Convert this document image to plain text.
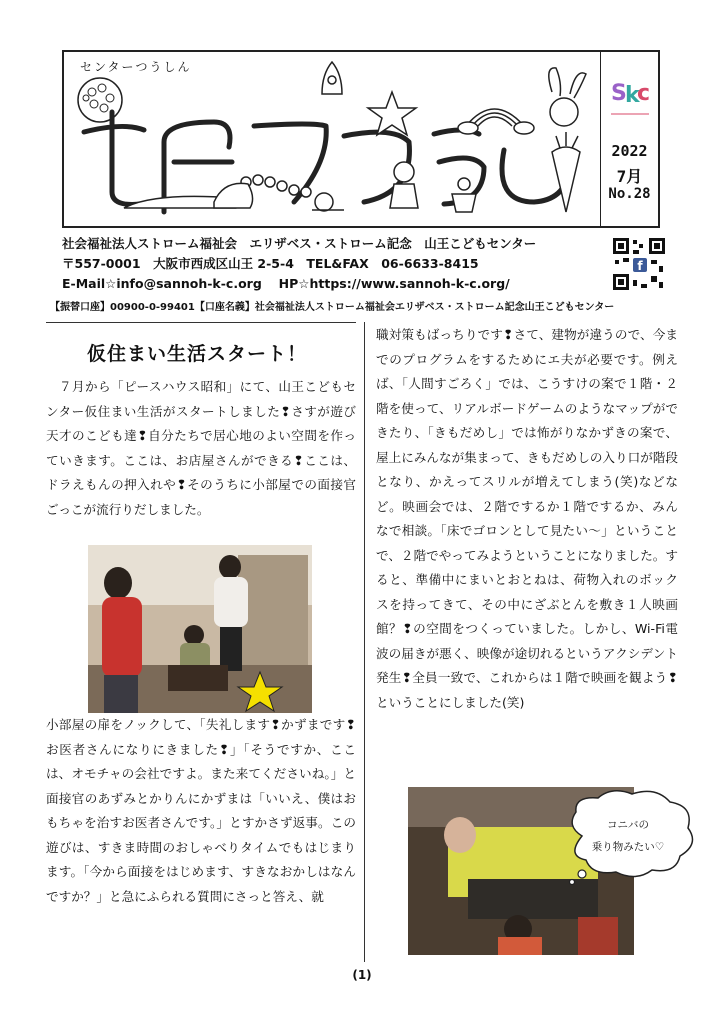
センターつうしん
S
k
c
2022
7月
No.28
社会福祉法人ストローム福祉会　エリザベス・ストローム記念　山王こどもセンター
〒557-0001　大阪市西成区山王 2-5-4　TEL&FAX　06-6633-8415
E-Mail☆info@sannoh-k-c.org　 HP☆https://www.sannoh-k-c.org/
f
【振替口座】00900-0-99401【口座名義】社会福祉法人ストローム福祉会エリザベス・ストローム記念山王こどもセンター
仮住まい生活スタート！

　７月から「ピースハウス昭和」にて、山王こどもセンター仮住まい生活がスタートしました❢さすが遊び天才のこども達❢自分たちで居心地のよい空間を作っていきます。ここは、お店屋さんができる❢ここは、ドラえもんの押入れや❢そのうちに小部屋での面接官ごっこが流行りだしました。

小部屋の扉をノックして、「失礼します❢かずまです❢お医者さんになりにきました❢」「そうですか、ここは、オモチャの会社ですよ。また来てくださいね。」と面接官のあずみとかりんにかずまは「いいえ、僕はおもちゃを治すお医者さんです。」とすかさず返事。この遊びは、すきま時間のおしゃべりタイムでもはじまります。「今から面接をはじめます、すきなおかしはなんですか？」と急にふられる質問にさっと答え、就

職対策もばっちりです❢さて、建物が違うので、今までのプログラムをするためにエ夫が必要です。例えば、「人間すごろく」では、こうすけの案で１階・２階を使って、リアルボードゲームのようなマップができたり、「きもだめし」では怖がりなかずきの案で、屋上にみんなが集まって、きもだめしの入り口が階段となり、かえってスリルが増えてしまう(笑)などなど。映画会では、２階でするか１階でするか、みんなで相談。「床でゴロンとして見たい～」ということで、２階でやってみようということになりました。すると、準備中にまいとおとねは、荷物入れのボックスを持ってきて、その中にざぶとんを敷き１人映画館？❢の空間をつくっていました。しかし、Wi-Fi電波の届きが悪く、映像が途切れるというアクシデント発生❢全員一致で、これからは１階で映画を観よう❢ということにしました(笑)

コニバの
乗り物みたい♡
(1)
